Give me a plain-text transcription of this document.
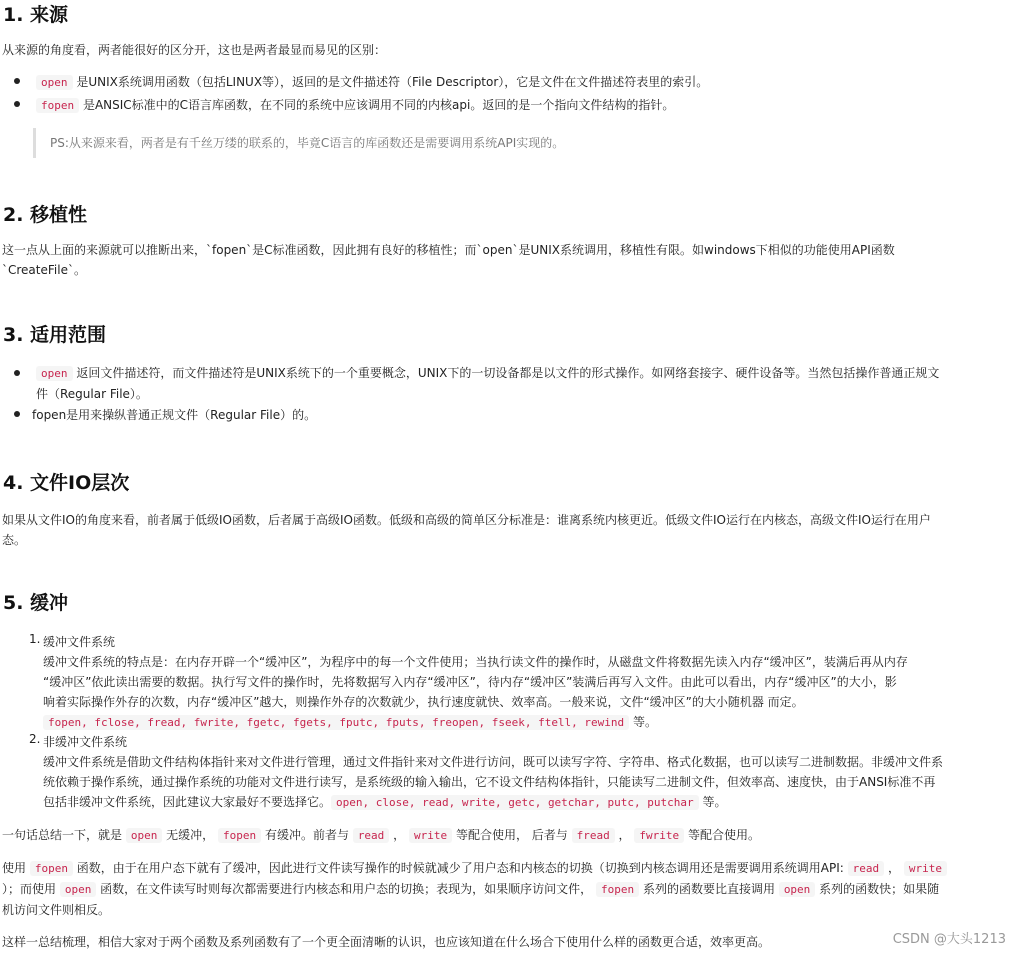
1. 来源
从来源的角度看，两者能很好的区分开，这也是两者最显而易见的区别：
open 是UNIX系统调用函数（包括LINUX等），返回的是文件描述符（File Descriptor），它是文件在文件描述符表里的索引。
fopen 是ANSIC标准中的C语言库函数，在不同的系统中应该调用不同的内核api。返回的是一个指向文件结构的指针。
PS:从来源来看，两者是有千丝万缕的联系的，毕竟C语言的库函数还是需要调用系统API实现的。
2. 移植性
这一点从上面的来源就可以推断出来，`fopen`是C标准函数，因此拥有良好的移植性；而`open`是UNIX系统调用，移植性有限。如windows下相似的功能使用API函数
`CreateFile`。
3. 适用范围
open 返回文件描述符，而文件描述符是UNIX系统下的一个重要概念，UNIX下的一切设备都是以文件的形式操作。如网络套接字、硬件设备等。当然包括操作普通正规文
件（Regular File）。
fopen是用来操纵普通正规文件（Regular File）的。
4. 文件IO层次
如果从文件IO的角度来看，前者属于低级IO函数，后者属于高级IO函数。低级和高级的简单区分标准是：谁离系统内核更近。低级文件IO运行在内核态，高级文件IO运行在用户
态。
5. 缓冲
1. 缓冲文件系统
缓冲文件系统的特点是：在内存开辟一个“缓冲区”，为程序中的每一个文件使用；当执行读文件的操作时，从磁盘文件将数据先读入内存“缓冲区”，装满后再从内存
“缓冲区”依此读出需要的数据。执行写文件的操作时，先将数据写入内存“缓冲区”，待内存“缓冲区”装满后再写入文件。由此可以看出，内存“缓冲区”的大小，影
响着实际操作外存的次数，内存“缓冲区”越大，则操作外存的次数就少，执行速度就快、效率高。一般来说，文件“缓冲区”的大小随机器 而定。
fopen, fclose, fread, fwrite, fgetc, fgets, fputc, fputs, freopen, fseek, ftell, rewind 等。
2. 非缓冲文件系统
缓冲文件系统是借助文件结构体指针来对文件进行管理，通过文件指针来对文件进行访问，既可以读写字符、字符串、格式化数据，也可以读写二进制数据。非缓冲文件系
统依赖于操作系统，通过操作系统的功能对文件进行读写，是系统级的输入输出，它不设文件结构体指针，只能读写二进制文件，但效率高、速度快，由于ANSI标准不再
包括非缓冲文件系统，因此建议大家最好不要选择它。 open, close, read, write, getc, getchar, putc, putchar 等。
一句话总结一下，就是 open 无缓冲， fopen 有缓冲。前者与 read ， write 等配合使用， 后者与 fread ， fwrite 等配合使用。
使用 fopen 函数，由于在用户态下就有了缓冲，因此进行文件读写操作的时候就减少了用户态和内核态的切换（切换到内核态调用还是需要调用系统调用API: read ， write
）；而使用 open 函数，在文件读写时则每次都需要进行内核态和用户态的切换；表现为，如果顺序访问文件， fopen 系列的函数要比直接调用 open 系列的函数快；如果随
机访问文件则相反。
这样一总结梳理，相信大家对于两个函数及系列函数有了一个更全面清晰的认识，也应该知道在什么场合下使用什么样的函数更合适，效率更高。	CSDN @大头1213
